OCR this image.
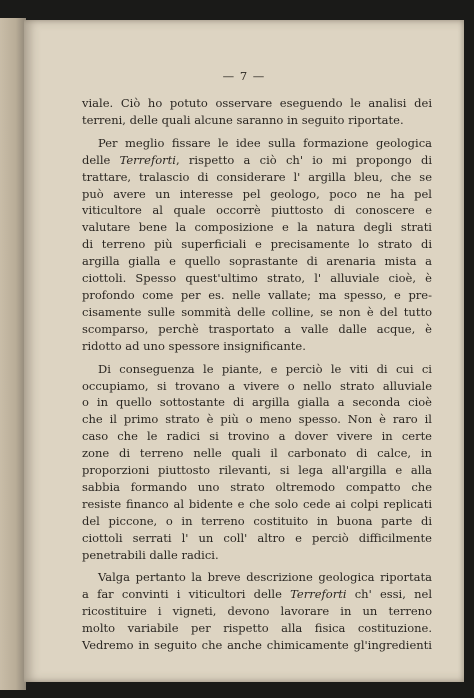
— 7 —
viale. Ciò ho potuto osservare eseguendo le analisi dei
terreni, delle quali alcune saranno in seguito riportate.
Per meglio fissare le idee sulla formazione geologica
delle Terreforti, rispetto a ciò ch' io mi propongo di
trattare, tralascio di considerare l' argilla bleu, che se
può avere un interesse pel geologo, poco ne ha pel
viticultore al quale occorrè piuttosto di conoscere e
valutare bene la composizione e la natura degli strati
di terreno più superficiali e precisamente lo strato di
argilla gialla e quello soprastante di arenaria mista a
ciottoli. Spesso quest'ultimo strato, l' alluviale cioè, è
profondo come per es. nelle vallate; ma spesso, e pre-
cisamente sulle sommità delle colline, se non è del tutto
scomparso, perchè trasportato a valle dalle acque, è
ridotto ad uno spessore insignificante.
Di conseguenza le piante, e perciò le viti di cui ci
occupiamo, si trovano a vivere o nello strato alluviale
o in quello sottostante di argilla gialla a seconda cioè
che il primo strato è più o meno spesso. Non è raro il
caso che le radici si trovino a dover vivere in certe
zone di terreno nelle quali il carbonato di calce, in
proporzioni piuttosto rilevanti, si lega all'argilla e alla
sabbia formando uno strato oltremodo compatto che
resiste financo al bidente e che solo cede ai colpi replicati
del piccone, o in terreno costituito in buona parte di
ciottoli serrati l' un coll' altro e perciò difficilmente
penetrabili dalle radici.
Valga pertanto la breve descrizione geologica riportata
a far convinti i viticultori delle Terreforti ch' essi, nel
ricostituire i vigneti, devono lavorare in un terreno
molto variabile per rispetto alla fisica costituzione.
Vedremo in seguito che anche chimicamente gl'ingredienti
